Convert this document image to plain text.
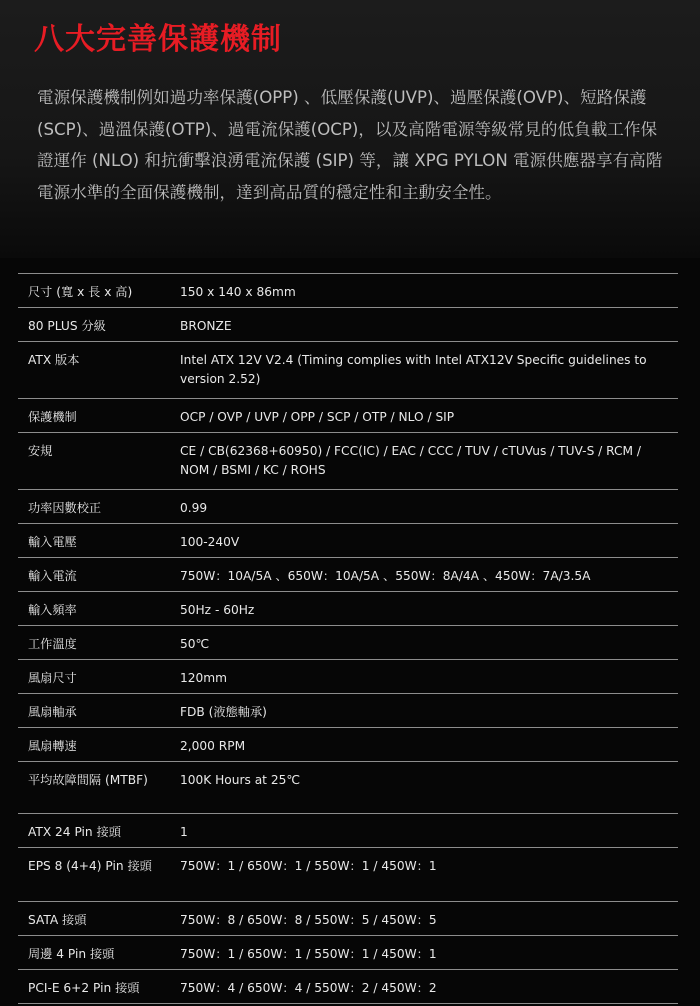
八大完善保護機制

電源保護機制例如過功率保護(OPP) 、低壓保護(UVP)、過壓保護(OVP)、短路保護(SCP)、過溫保護(OTP)、過電流保護(OCP)，以及高階電源等級常見的低負載工作保證運作 (NLO) 和抗衝擊浪湧電流保護 (SIP) 等，讓 XPG PYLON 電源供應器享有高階電源水準的全面保護機制，達到高品質的穩定性和主動安全性。

尺寸 (寬 x 長 x 高)	150 x 140 x 86mm
80 PLUS 分級	BRONZE
ATX 版本	Intel ATX 12V V2.4 (Timing complies with Intel ATX12V Specific guidelines to version 2.52)
保護機制	OCP / OVP / UVP / OPP / SCP / OTP / NLO / SIP
安規	CE / CB(62368+60950) / FCC(IC) / EAC / CCC / TUV / cTUVus / TUV-S / RCM / NOM / BSMI / KC / ROHS
功率因數校正	0.99
輸入電壓	100-240V
輸入電流	750W：10A/5A 、650W：10A/5A 、550W：8A/4A 、450W：7A/3.5A
輸入頻率	50Hz - 60Hz
工作溫度	50℃
風扇尺寸	120mm
風扇軸承	FDB (液態軸承)
風扇轉速	2,000 RPM
平均故障間隔 (MTBF)	100K Hours at 25℃
ATX 24 Pin 接頭	1
EPS 8 (4+4) Pin 接頭	750W：1 / 650W：1 / 550W：1 / 450W：1
SATA 接頭	750W：8 / 650W：8 / 550W：5 / 450W：5
周邊 4 Pin 接頭	750W：1 / 650W：1 / 550W：1 / 450W：1
PCI-E 6+2 Pin 接頭	750W：4 / 650W：4 / 550W：2 / 450W：2
